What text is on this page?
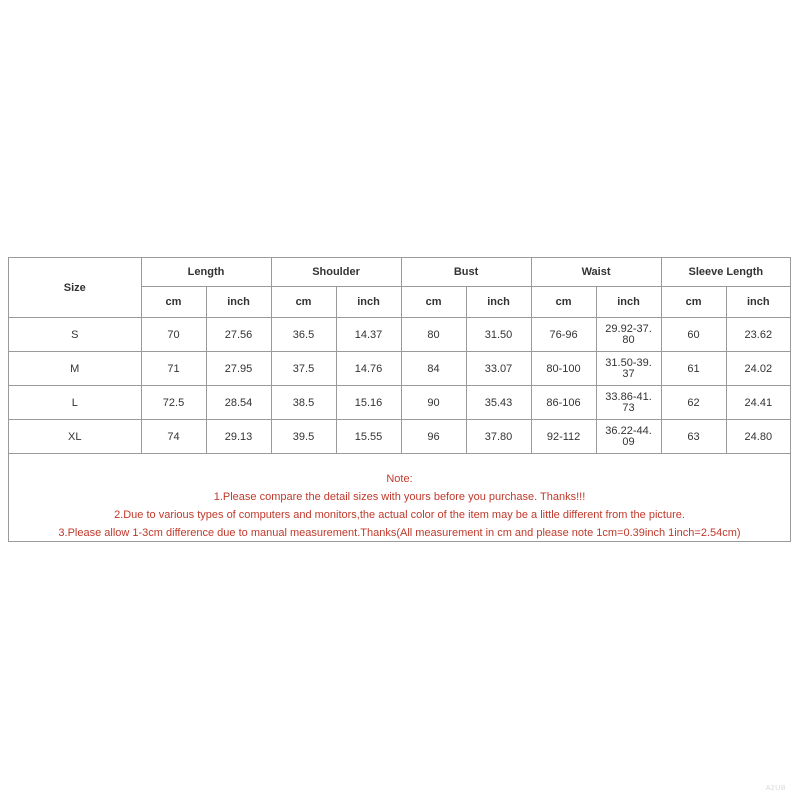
Size	Length		Shoulder		Bust		Waist		Sleeve Length	
	cm	inch	cm	inch	cm	inch	cm	inch	cm	inch
S	70	27.56	36.5	14.37	80	31.50	76-96	29.92-37.80	60	23.62
M	71	27.95	37.5	14.76	84	33.07	80-100	31.50-39.37	61	24.02
L	72.5	28.54	38.5	15.16	90	35.43	86-106	33.86-41.73	62	24.41
XL	74	29.13	39.5	15.55	96	37.80	92-112	36.22-44.09	63	24.80
Note:
1.Please compare the detail sizes with yours before you purchase. Thanks!!!
2.Due to various types of computers and monitors,the actual color of the item may be a little different from the picture.
3.Please allow 1-3cm difference due to manual measurement.Thanks(All measurement in cm and please note 1cm=0.39inch 1inch=2.54cm)
A2UB
